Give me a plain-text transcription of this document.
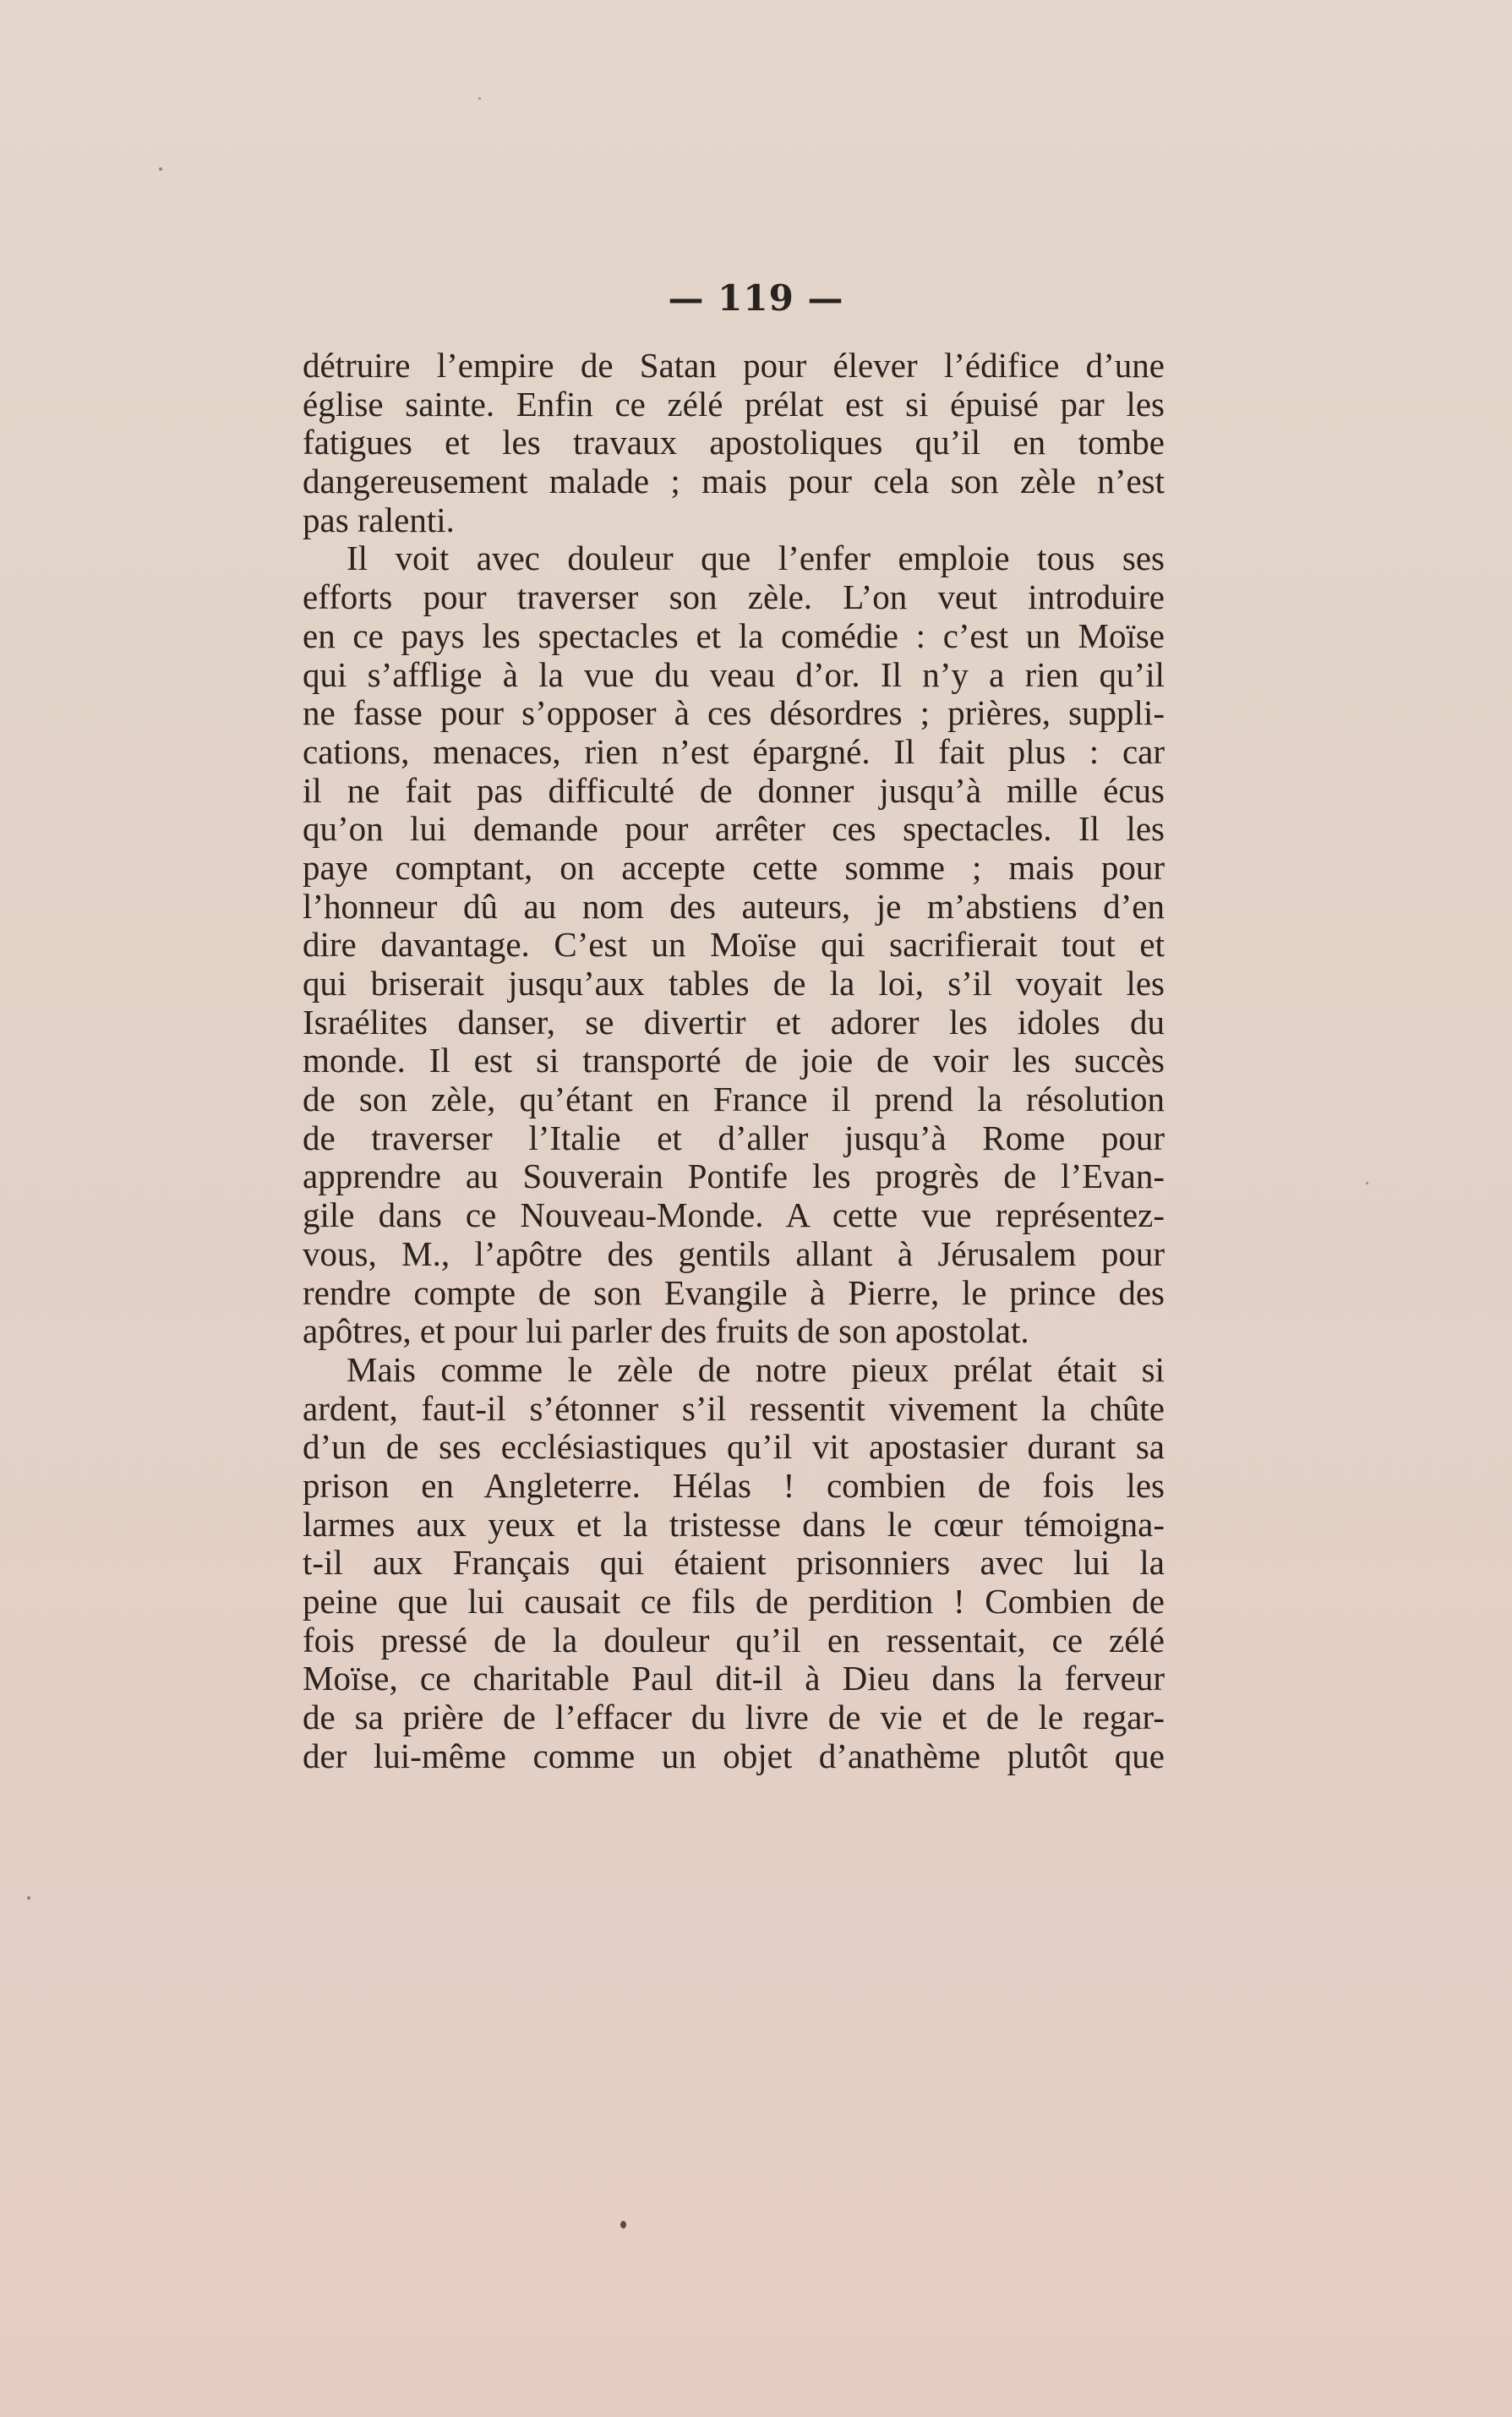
— 119 —
détruire l’empire de Satan pour élever l’édifice d’une
église sainte. Enfin ce zélé prélat est si épuisé par les
fatigues et les travaux apostoliques qu’il en tombe
dangereusement malade ; mais pour cela son zèle n’est
pas ralenti.
Il voit avec douleur que l’enfer emploie tous ses
efforts pour traverser son zèle. L’on veut introduire
en ce pays les spectacles et la comédie : c’est un Moïse
qui s’afflige à la vue du veau d’or. Il n’y a rien qu’il
ne fasse pour s’opposer à ces désordres ; prières, suppli-
cations, menaces, rien n’est épargné. Il fait plus : car
il ne fait pas difficulté de donner jusqu’à mille écus
qu’on lui demande pour arrêter ces spectacles. Il les
paye comptant, on accepte cette somme ; mais pour
l’honneur dû au nom des auteurs, je m’abstiens d’en
dire davantage. C’est un Moïse qui sacrifierait tout et
qui briserait jusqu’aux tables de la loi, s’il voyait les
Israélites danser, se divertir et adorer les idoles du
monde. Il est si transporté de joie de voir les succès
de son zèle, qu’étant en France il prend la résolution
de traverser l’Italie et d’aller jusqu’à Rome pour
apprendre au Souverain Pontife les progrès de l’Evan-
gile dans ce Nouveau-Monde. A cette vue représentez-
vous, M., l’apôtre des gentils allant à Jérusalem pour
rendre compte de son Evangile à Pierre, le prince des
apôtres, et pour lui parler des fruits de son apostolat.
Mais comme le zèle de notre pieux prélat était si
ardent, faut-il s’étonner s’il ressentit vivement la chûte
d’un de ses ecclésiastiques qu’il vit apostasier durant sa
prison en Angleterre. Hélas ! combien de fois les
larmes aux yeux et la tristesse dans le cœur témoigna-
t-il aux Français qui étaient prisonniers avec lui la
peine que lui causait ce fils de perdition ! Combien de
fois pressé de la douleur qu’il en ressentait, ce zélé
Moïse, ce charitable Paul dit-il à Dieu dans la ferveur
de sa prière de l’effacer du livre de vie et de le regar-
der lui-même comme un objet d’anathème plutôt que
